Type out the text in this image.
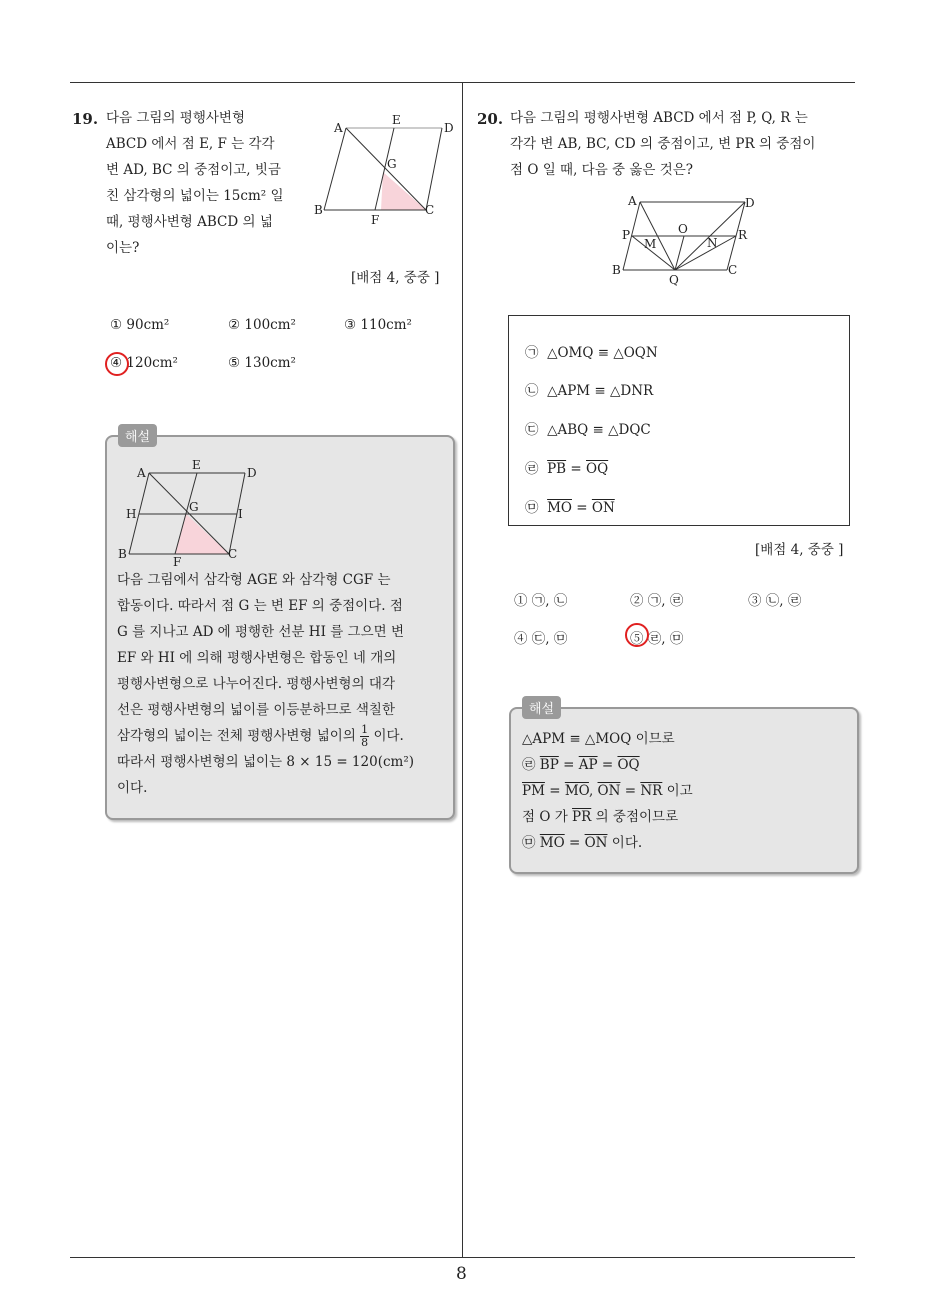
19. 다음 그림의 평행사변형
ABCD 에서 점 E, F 는 각각
변 AD, BC 의 중점이고, 빗금
친 삼각형의 넓이는 15cm² 일
때, 평행사변형 ABCD 의 넓
이는?
A
E
D
G
B
F
C
[배점 4, 중중 ]
① 90cm²	② 100cm²	③ 110cm²
④ 120cm²	⑤ 130cm²
해설
A
E
D
H	G	I
B
F
C
다음 그림에서 삼각형 AGE 와 삼각형 CGF 는
합동이다. 따라서 점 G 는 변 EF 의 중점이다. 점
G 를 지나고 AD 에 평행한 선분 HI 를 그으면 변
EF 와 HI 에 의해 평행사변형은 합동인 네 개의
평행사변형으로 나누어진다. 평행사변형의 대각
선은 평행사변형의 넓이를 이등분하므로 색칠한
삼각형의 넓이는 전체 평행사변형 넓이의 $\frac{1}{8}$ 이다.
따라서 평행사변형의 넓이는 8 × 15 = 120(cm²)
이다.
20. 다음 그림의 평행사변형 ABCD 에서 점 P, Q, R 는
각각 변 AB, BC, CD 의 중점이고, 변 PR 의 중점이
점 O 일 때, 다음 중 옳은 것은?
A	D
P
M
O
N
R
B
Q
C
㉠ △OMQ ≡ △OQN
㉡ △APM ≡ △DNR
㉢ △ABQ ≡ △DQC
㉣ $\overline{PB} = \overline{OQ}$
㉤ $\overline{MO} = \overline{ON}$
[배점 4, 중중 ]
① ㉠, ㉡	② ㉠, ㉣	③ ㉡, ㉣
④ ㉢, ㉤	⑤ ㉣, ㉤
해설
△APM ≡ △MOQ 이므로
㉣ $\overline{BP} = \overline{AP} = \overline{OQ}$
$\overline{PM} = \overline{MO}$, $\overline{ON} = \overline{NR}$ 이고
점 O 가 $\overline{PR}$ 의 중점이므로
㉤ $\overline{MO} = \overline{ON}$ 이다.
8
